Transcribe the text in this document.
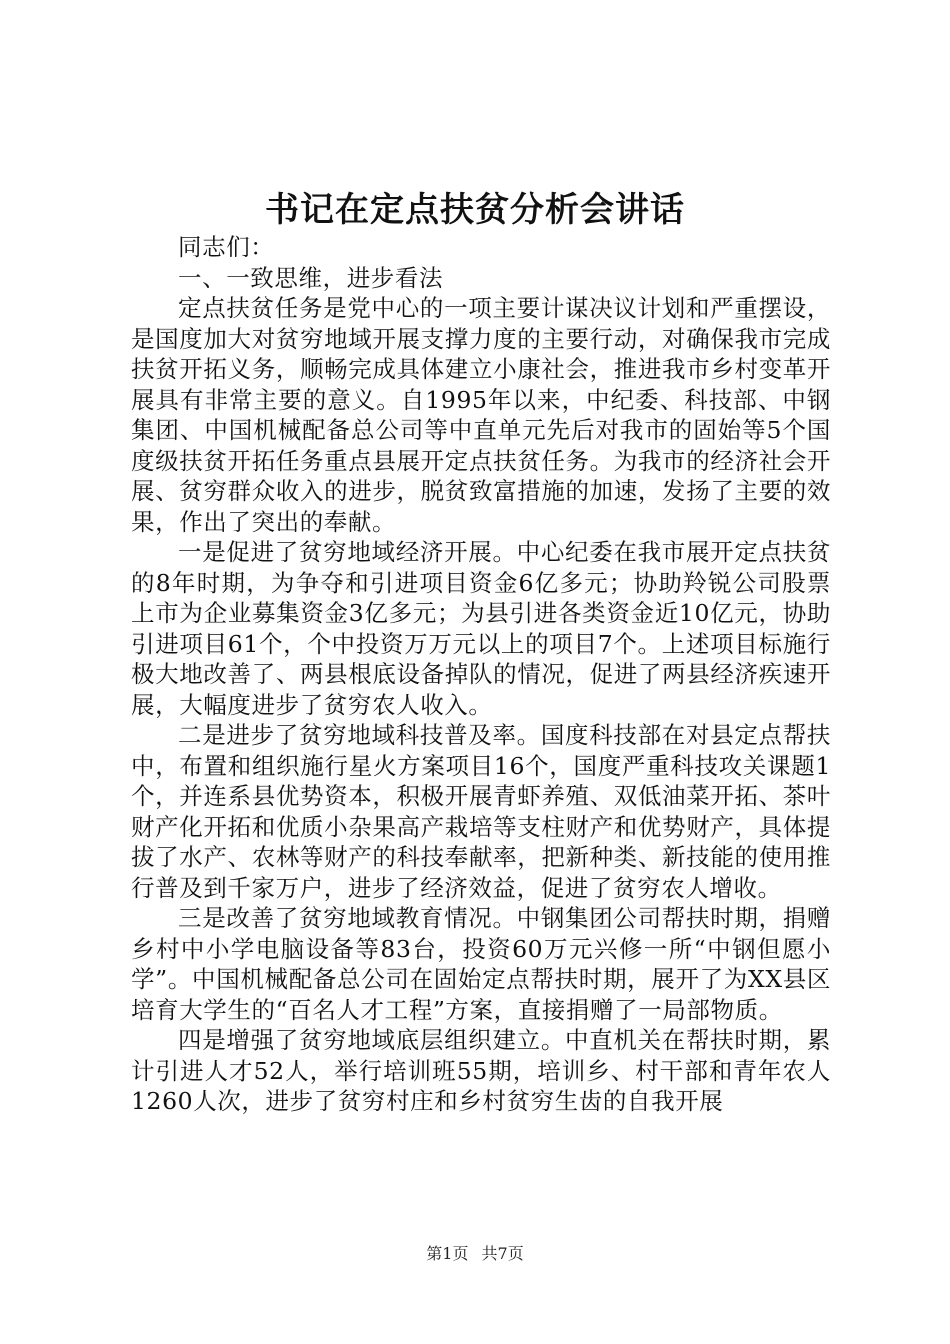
书记在定点扶贫分析会讲话

同志们：

一、一致思维，进步看法

定点扶贫任务是党中心的一项主要计谋决议计划和严重摆设，是国度加大对贫穷地域开展支撑力度的主要行动，对确保我市完成扶贫开拓义务，顺畅完成具体建立小康社会，推进我市乡村变革开展具有非常主要的意义。自1995年以来，中纪委、科技部、中钢集团、中国机械配备总公司等中直单元先后对我市的固始等5个国度级扶贫开拓任务重点县展开定点扶贫任务。为我市的经济社会开展、贫穷群众收入的进步，脱贫致富措施的加速，发扬了主要的效果，作出了突出的奉献。

一是促进了贫穷地域经济开展。中心纪委在我市展开定点扶贫的8年时期，为争夺和引进项目资金6亿多元；协助羚锐公司股票上市为企业募集资金3亿多元；为县引进各类资金近10亿元，协助引进项目61个，个中投资万万元以上的项目7个。上述项目标施行极大地改善了、两县根底设备掉队的情况，促进了两县经济疾速开展，大幅度进步了贫穷农人收入。

二是进步了贫穷地域科技普及率。国度科技部在对县定点帮扶中，布置和组织施行星火方案项目16个，国度严重科技攻关课题1个，并连系县优势资本，积极开展青虾养殖、双低油菜开拓、茶叶财产化开拓和优质小杂果高产栽培等支柱财产和优势财产，具体提拔了水产、农林等财产的科技奉献率，把新种类、新技能的使用推行普及到千家万户，进步了经济效益，促进了贫穷农人增收。

三是改善了贫穷地域教育情况。中钢集团公司帮扶时期，捐赠乡村中小学电脑设备等83台，投资60万元兴修一所“中钢但愿小学”。中国机械配备总公司在固始定点帮扶时期，展开了为XX县区培育大学生的“百名人才工程”方案，直接捐赠了一局部物质。

四是增强了贫穷地域底层组织建立。中直机关在帮扶时期，累计引进人才52人，举行培训班55期，培训乡、村干部和青年农人1260人次，进步了贫穷村庄和乡村贫穷生齿的自我开展

第1页 共7页
